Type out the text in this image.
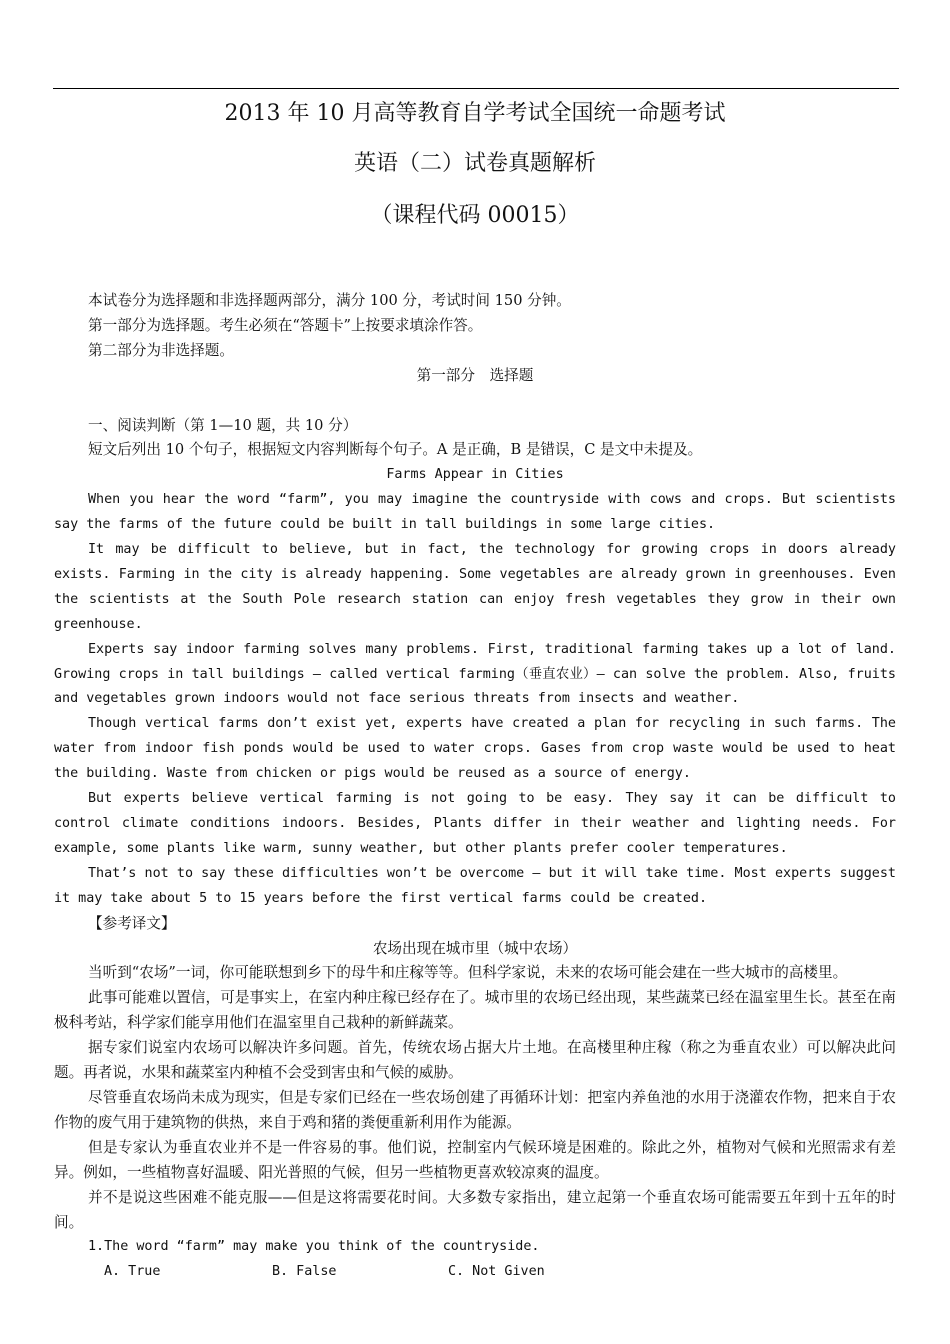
2013 年 10 月高等教育自学考试全国统一命题考试
英语（二）试卷真题解析
（课程代码 00015）

本试卷分为选择题和非选择题两部分，满分 100 分，考试时间 150 分钟。

第一部分为选择题。考生必须在“答题卡”上按要求填涂作答。

第二部分为非选择题。

第一部分　选择题

一、阅读判断（第 1—10 题，共 10 分）

短文后列出 10 个句子，根据短文内容判断每个句子。A 是正确，B 是错误，C 是文中未提及。

Farms Appear in Cities

When you hear the word “farm”, you may imagine the countryside with cows and crops. But scientists say the farms of the future could be built in tall buildings in some large cities.

It may be difficult to believe, but in fact, the technology for growing crops in doors already exists. Farming in the city is already happening. Some vegetables are already grown in greenhouses. Even the scientists at the South Pole research station can enjoy fresh vegetables they grow in their own greenhouse.

Experts say indoor farming solves many problems. First, traditional farming takes up a lot of land. Growing crops in tall buildings — called vertical farming（垂直农业）— can solve the problem. Also, fruits and vegetables grown indoors would not face serious threats from insects and weather.

Though vertical farms don’t exist yet, experts have created a plan for recycling in such farms. The water from indoor fish ponds would be used to water crops. Gases from crop waste would be used to heat the building. Waste from chicken or pigs would be reused as a source of energy.

But experts believe vertical farming is not going to be easy. They say it can be difficult to control climate conditions indoors. Besides, Plants differ in their weather and lighting needs. For example, some plants like warm, sunny weather, but other plants prefer cooler temperatures.

That’s not to say these difficulties won’t be overcome — but it will take time. Most experts suggest it may take about 5 to 15 years before the first vertical farms could be created.

【参考译文】

农场出现在城市里（城中农场）

当听到“农场”一词，你可能联想到乡下的母牛和庄稼等等。但科学家说，未来的农场可能会建在一些大城市的高楼里。

此事可能难以置信，可是事实上，在室内种庄稼已经存在了。城市里的农场已经出现，某些蔬菜已经在温室里生长。甚至在南极科考站，科学家们能享用他们在温室里自己栽种的新鲜蔬菜。

据专家们说室内农场可以解决许多问题。首先，传统农场占据大片土地。在高楼里种庄稼（称之为垂直农业）可以解决此问题。再者说，水果和蔬菜室内种植不会受到害虫和气候的威胁。

尽管垂直农场尚未成为现实，但是专家们已经在一些农场创建了再循环计划：把室内养鱼池的水用于浇灌农作物，把来自于农作物的废气用于建筑物的供热，来自于鸡和猪的粪便重新利用作为能源。

但是专家认为垂直农业并不是一件容易的事。他们说，控制室内气候环境是困难的。除此之外，植物对气候和光照需求有差异。例如，一些植物喜好温暖、阳光普照的气候，但另一些植物更喜欢较凉爽的温度。

并不是说这些困难不能克服——但是这将需要花时间。大多数专家指出，建立起第一个垂直农场可能需要五年到十五年的时间。

1.The word “farm” may make you think of the countryside.

A. True	B. False	C. Not Given
